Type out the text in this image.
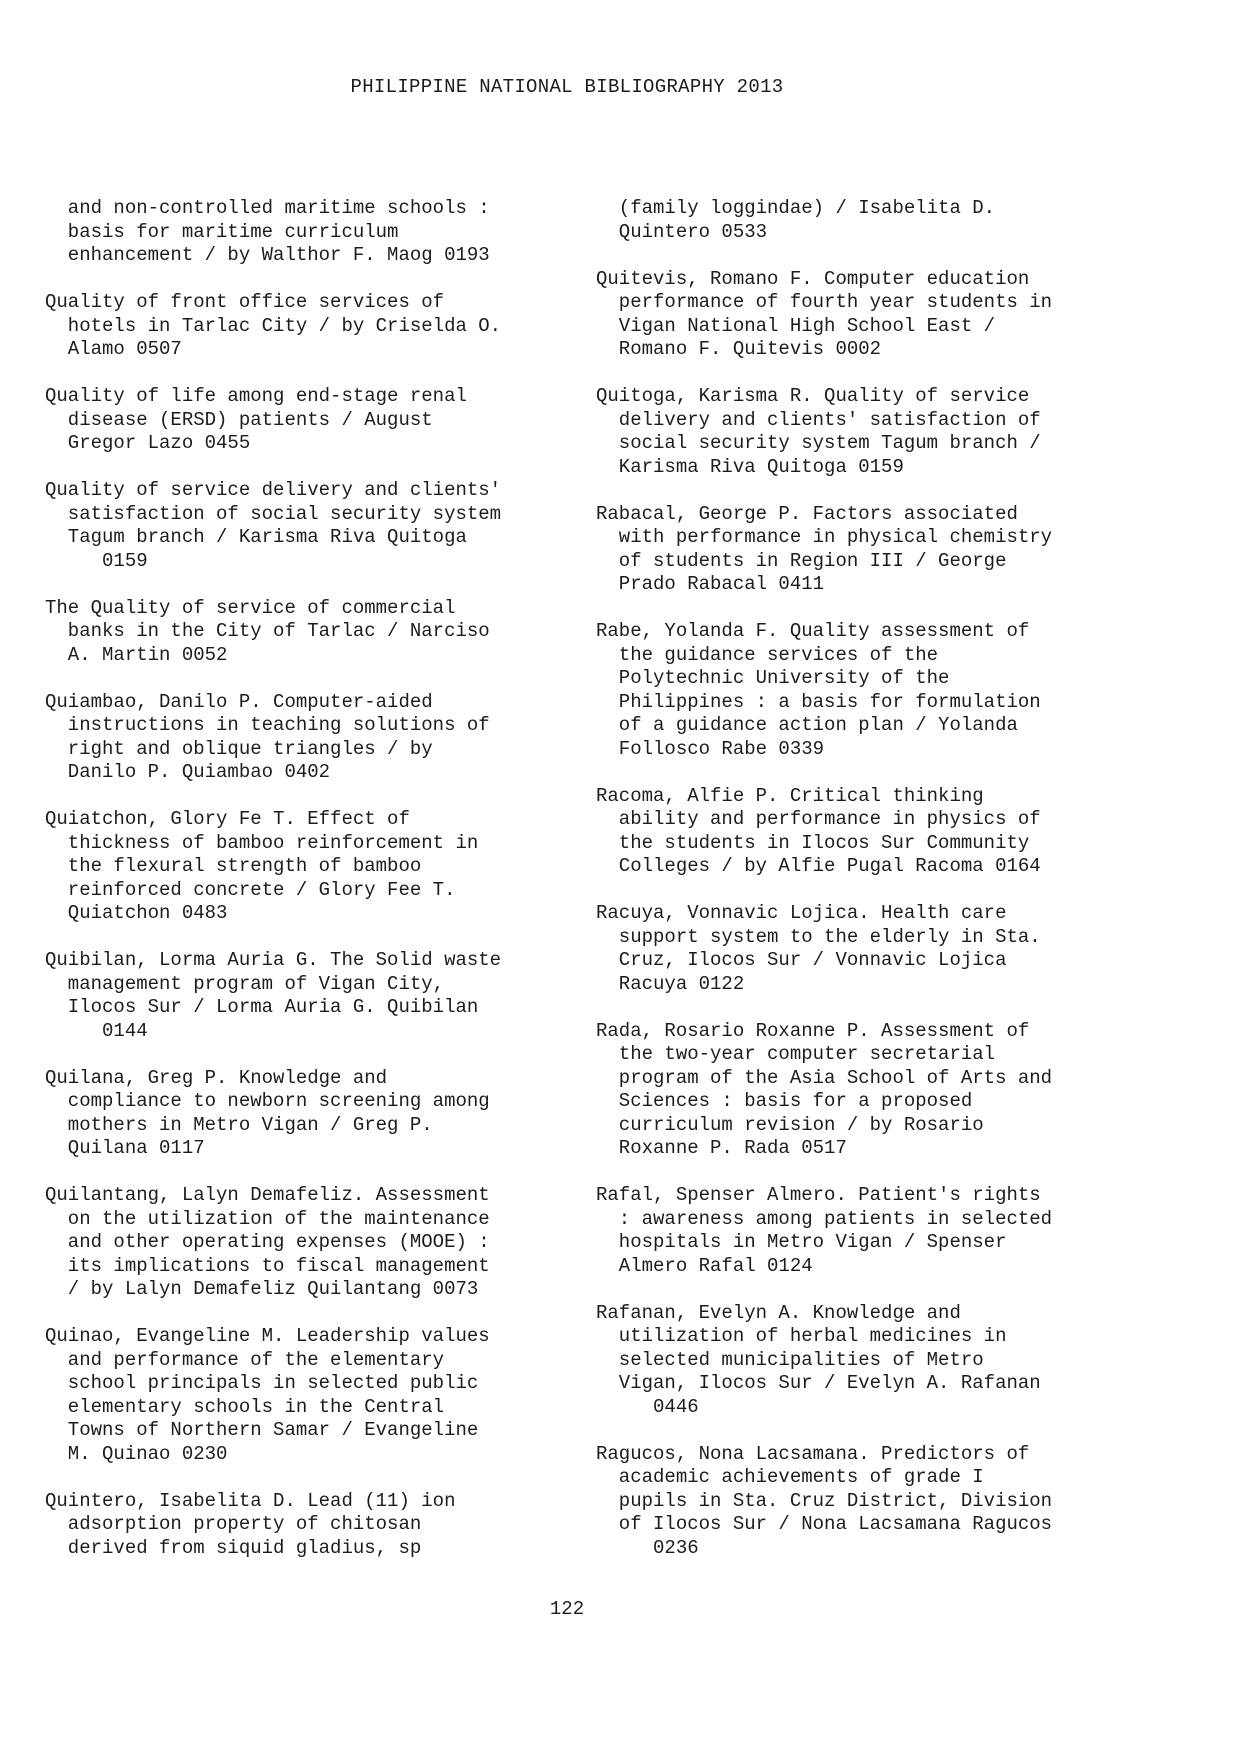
PHILIPPINE NATIONAL BIBLIOGRAPHY 2013
and non-controlled maritime schools :
basis for maritime curriculum
enhancement / by Walthor F. Maog 0193
Quality of front office services of
hotels in Tarlac City / by Criselda O.
Alamo 0507
Quality of life among end-stage renal
disease (ERSD) patients / August
Gregor Lazo 0455
Quality of service delivery and clients'
satisfaction of social security system
Tagum branch / Karisma Riva Quitoga
0159
The Quality of service of commercial
banks in the City of Tarlac / Narciso
A. Martin 0052
Quiambao, Danilo P. Computer-aided
instructions in teaching solutions of
right and oblique triangles / by
Danilo P. Quiambao 0402
Quiatchon, Glory Fe T. Effect of
thickness of bamboo reinforcement in
the flexural strength of bamboo
reinforced concrete / Glory Fee T.
Quiatchon 0483
Quibilan, Lorma Auria G. The Solid waste
management program of Vigan City,
Ilocos Sur / Lorma Auria G. Quibilan
0144
Quilana, Greg P. Knowledge and
compliance to newborn screening among
mothers in Metro Vigan / Greg P.
Quilana 0117
Quilantang, Lalyn Demafeliz. Assessment
on the utilization of the maintenance
and other operating expenses (MOOE) :
its implications to fiscal management
/ by Lalyn Demafeliz Quilantang 0073
Quinao, Evangeline M. Leadership values
and performance of the elementary
school principals in selected public
elementary schools in the Central
Towns of Northern Samar / Evangeline
M. Quinao 0230
Quintero, Isabelita D. Lead (11) ion
adsorption property of chitosan
derived from siquid gladius, sp
(family loggindae) / Isabelita D.
Quintero 0533
Quitevis, Romano F. Computer education
performance of fourth year students in
Vigan National High School East /
Romano F. Quitevis 0002
Quitoga, Karisma R. Quality of service
delivery and clients' satisfaction of
social security system Tagum branch /
Karisma Riva Quitoga 0159
Rabacal, George P. Factors associated
with performance in physical chemistry
of students in Region III / George
Prado Rabacal 0411
Rabe, Yolanda F. Quality assessment of
the guidance services of the
Polytechnic University of the
Philippines : a basis for formulation
of a guidance action plan / Yolanda
Follosco Rabe 0339
Racoma, Alfie P. Critical thinking
ability and performance in physics of
the students in Ilocos Sur Community
Colleges / by Alfie Pugal Racoma 0164
Racuya, Vonnavic Lojica. Health care
support system to the elderly in Sta.
Cruz, Ilocos Sur / Vonnavic Lojica
Racuya 0122
Rada, Rosario Roxanne P. Assessment of
the two-year computer secretarial
program of the Asia School of Arts and
Sciences : basis for a proposed
curriculum revision / by Rosario
Roxanne P. Rada 0517
Rafal, Spenser Almero. Patient's rights
: awareness among patients in selected
hospitals in Metro Vigan / Spenser
Almero Rafal 0124
Rafanan, Evelyn A. Knowledge and
utilization of herbal medicines in
selected municipalities of Metro
Vigan, Ilocos Sur / Evelyn A. Rafanan
0446
Ragucos, Nona Lacsamana. Predictors of
academic achievements of grade I
pupils in Sta. Cruz District, Division
of Ilocos Sur / Nona Lacsamana Ragucos
0236
122
